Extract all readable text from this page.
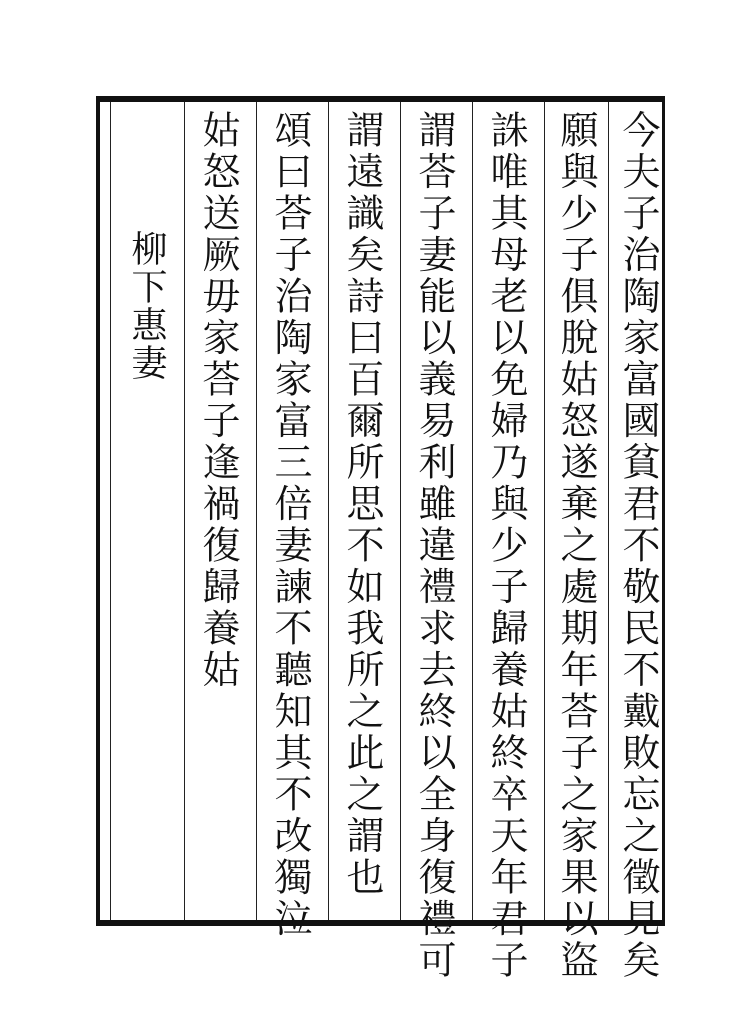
柳下惠妻 姑怒送厥毋家荅子逢禍復歸養姑 頌曰荅子治陶家富三倍妻諫不聽知其不改獨泣 謂遠識矣詩曰百爾所思不如我所之此之謂也 謂荅子妻能以義易利雖違禮求去終以全身復禮可 誅唯其母老以免婦乃與少子歸養姑終卒天年君子 願與少子俱脫姑怒遂棄之處期年荅子之家果以盜 今夫子治陶家富國貧君不敬民不戴敗忘之徵見矣
